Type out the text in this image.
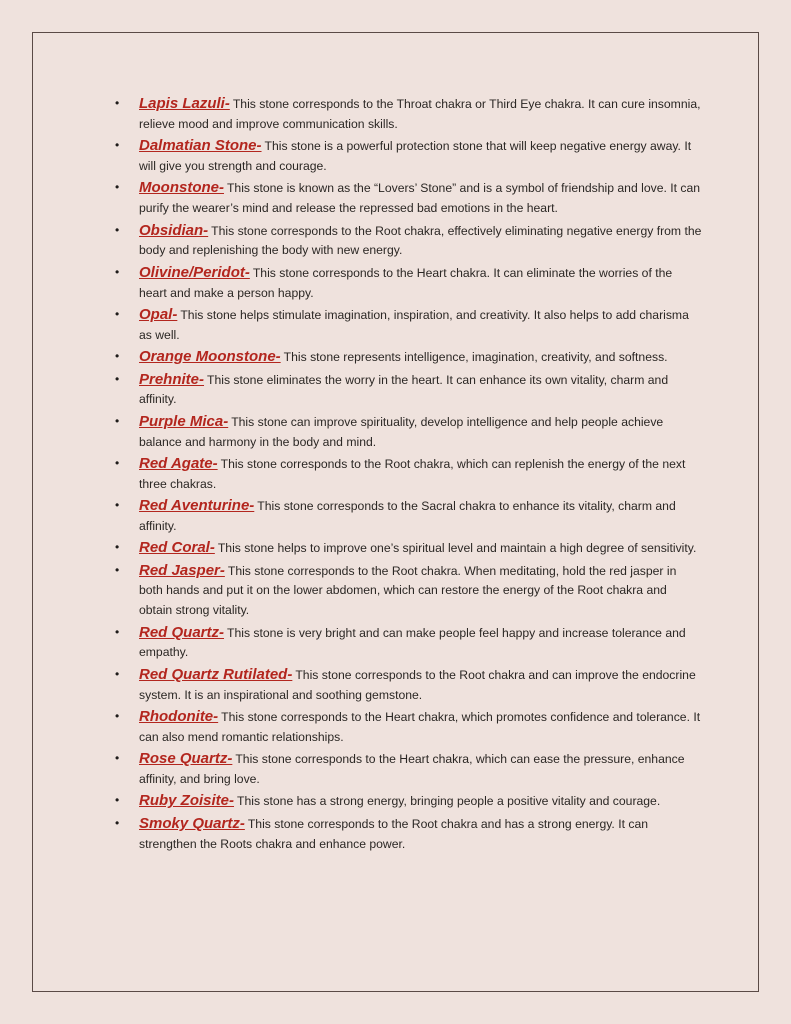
• Lapis Lazuli- This stone corresponds to the Throat chakra or Third Eye chakra. It can cure insomnia, relieve mood and improve communication skills.
• Dalmatian Stone- This stone is a powerful protection stone that will keep negative energy away. It will give you strength and courage.
• Moonstone- This stone is known as the “Lovers’ Stone” and is a symbol of friendship and love. It can purify the wearer’s mind and release the repressed bad emotions in the heart.
• Obsidian- This stone corresponds to the Root chakra, effectively eliminating negative energy from the body and replenishing the body with new energy.
• Olivine/Peridot- This stone corresponds to the Heart chakra. It can eliminate the worries of the heart and make a person happy.
• Opal- This stone helps stimulate imagination, inspiration, and creativity. It also helps to add charisma as well.
• Orange Moonstone- This stone represents intelligence, imagination, creativity, and softness.
• Prehnite- This stone eliminates the worry in the heart. It can enhance its own vitality, charm and affinity.
• Purple Mica- This stone can improve spirituality, develop intelligence and help people achieve balance and harmony in the body and mind.
• Red Agate- This stone corresponds to the Root chakra, which can replenish the energy of the next three chakras.
• Red Aventurine- This stone corresponds to the Sacral chakra to enhance its vitality, charm and affinity.
• Red Coral- This stone helps to improve one’s spiritual level and maintain a high degree of sensitivity.
• Red Jasper- This stone corresponds to the Root chakra. When meditating, hold the red jasper in both hands and put it on the lower abdomen, which can restore the energy of the Root chakra and obtain strong vitality.
• Red Quartz- This stone is very bright and can make people feel happy and increase tolerance and empathy.
• Red Quartz Rutilated- This stone corresponds to the Root chakra and can improve the endocrine system. It is an inspirational and soothing gemstone.
• Rhodonite- This stone corresponds to the Heart chakra, which promotes confidence and tolerance. It can also mend romantic relationships.
• Rose Quartz- This stone corresponds to the Heart chakra, which can ease the pressure, enhance affinity, and bring love.
• Ruby Zoisite- This stone has a strong energy, bringing people a positive vitality and courage.
• Smoky Quartz- This stone corresponds to the Root chakra and has a strong energy. It can strengthen the Roots chakra and enhance power.
